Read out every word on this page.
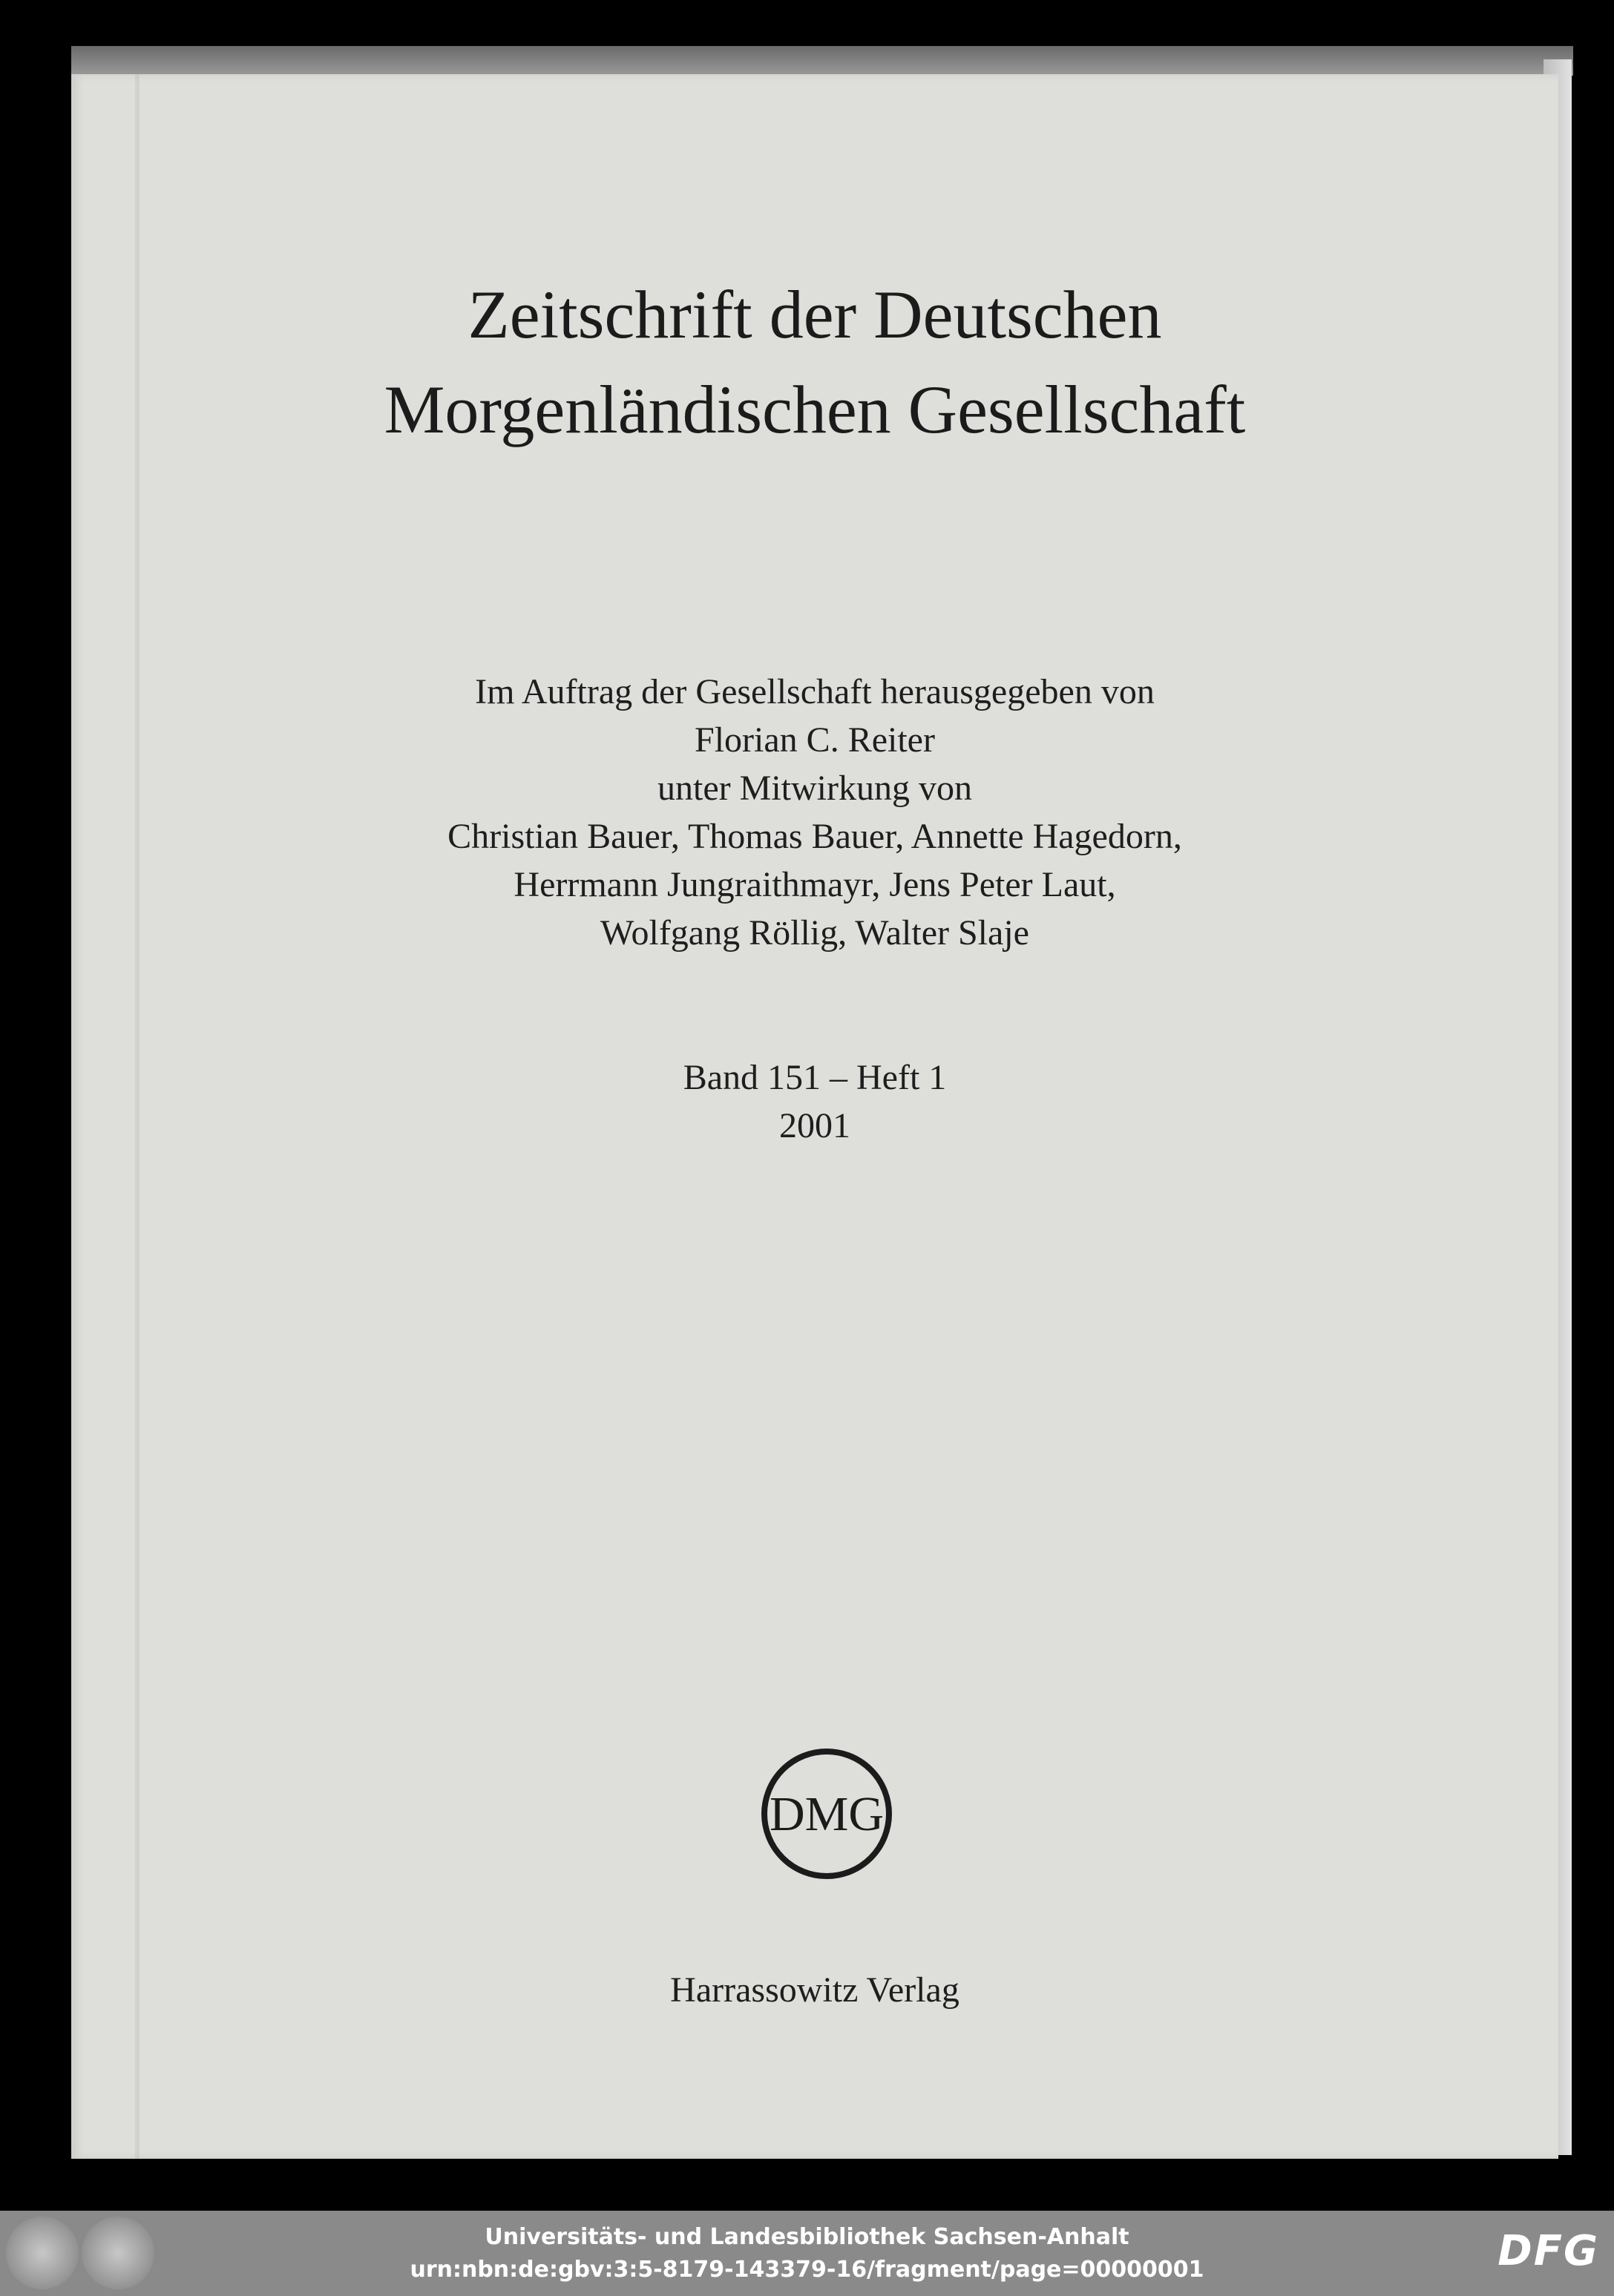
Zeitschrift der Deutschen
Morgenländischen Gesellschaft
Im Auftrag der Gesellschaft herausgegeben von
Florian C. Reiter
unter Mitwirkung von
Christian Bauer, Thomas Bauer, Annette Hagedorn,
Herrmann Jungraithmayr, Jens Peter Laut,
Wolfgang Röllig, Walter Slaje
Band 151 – Heft 1
2001
DMG
Harrassowitz Verlag
Universitäts- und Landesbibliothek Sachsen-Anhalt
urn:nbn:de:gbv:3:5-8179-143379-16/fragment/page=00000001	DFG
